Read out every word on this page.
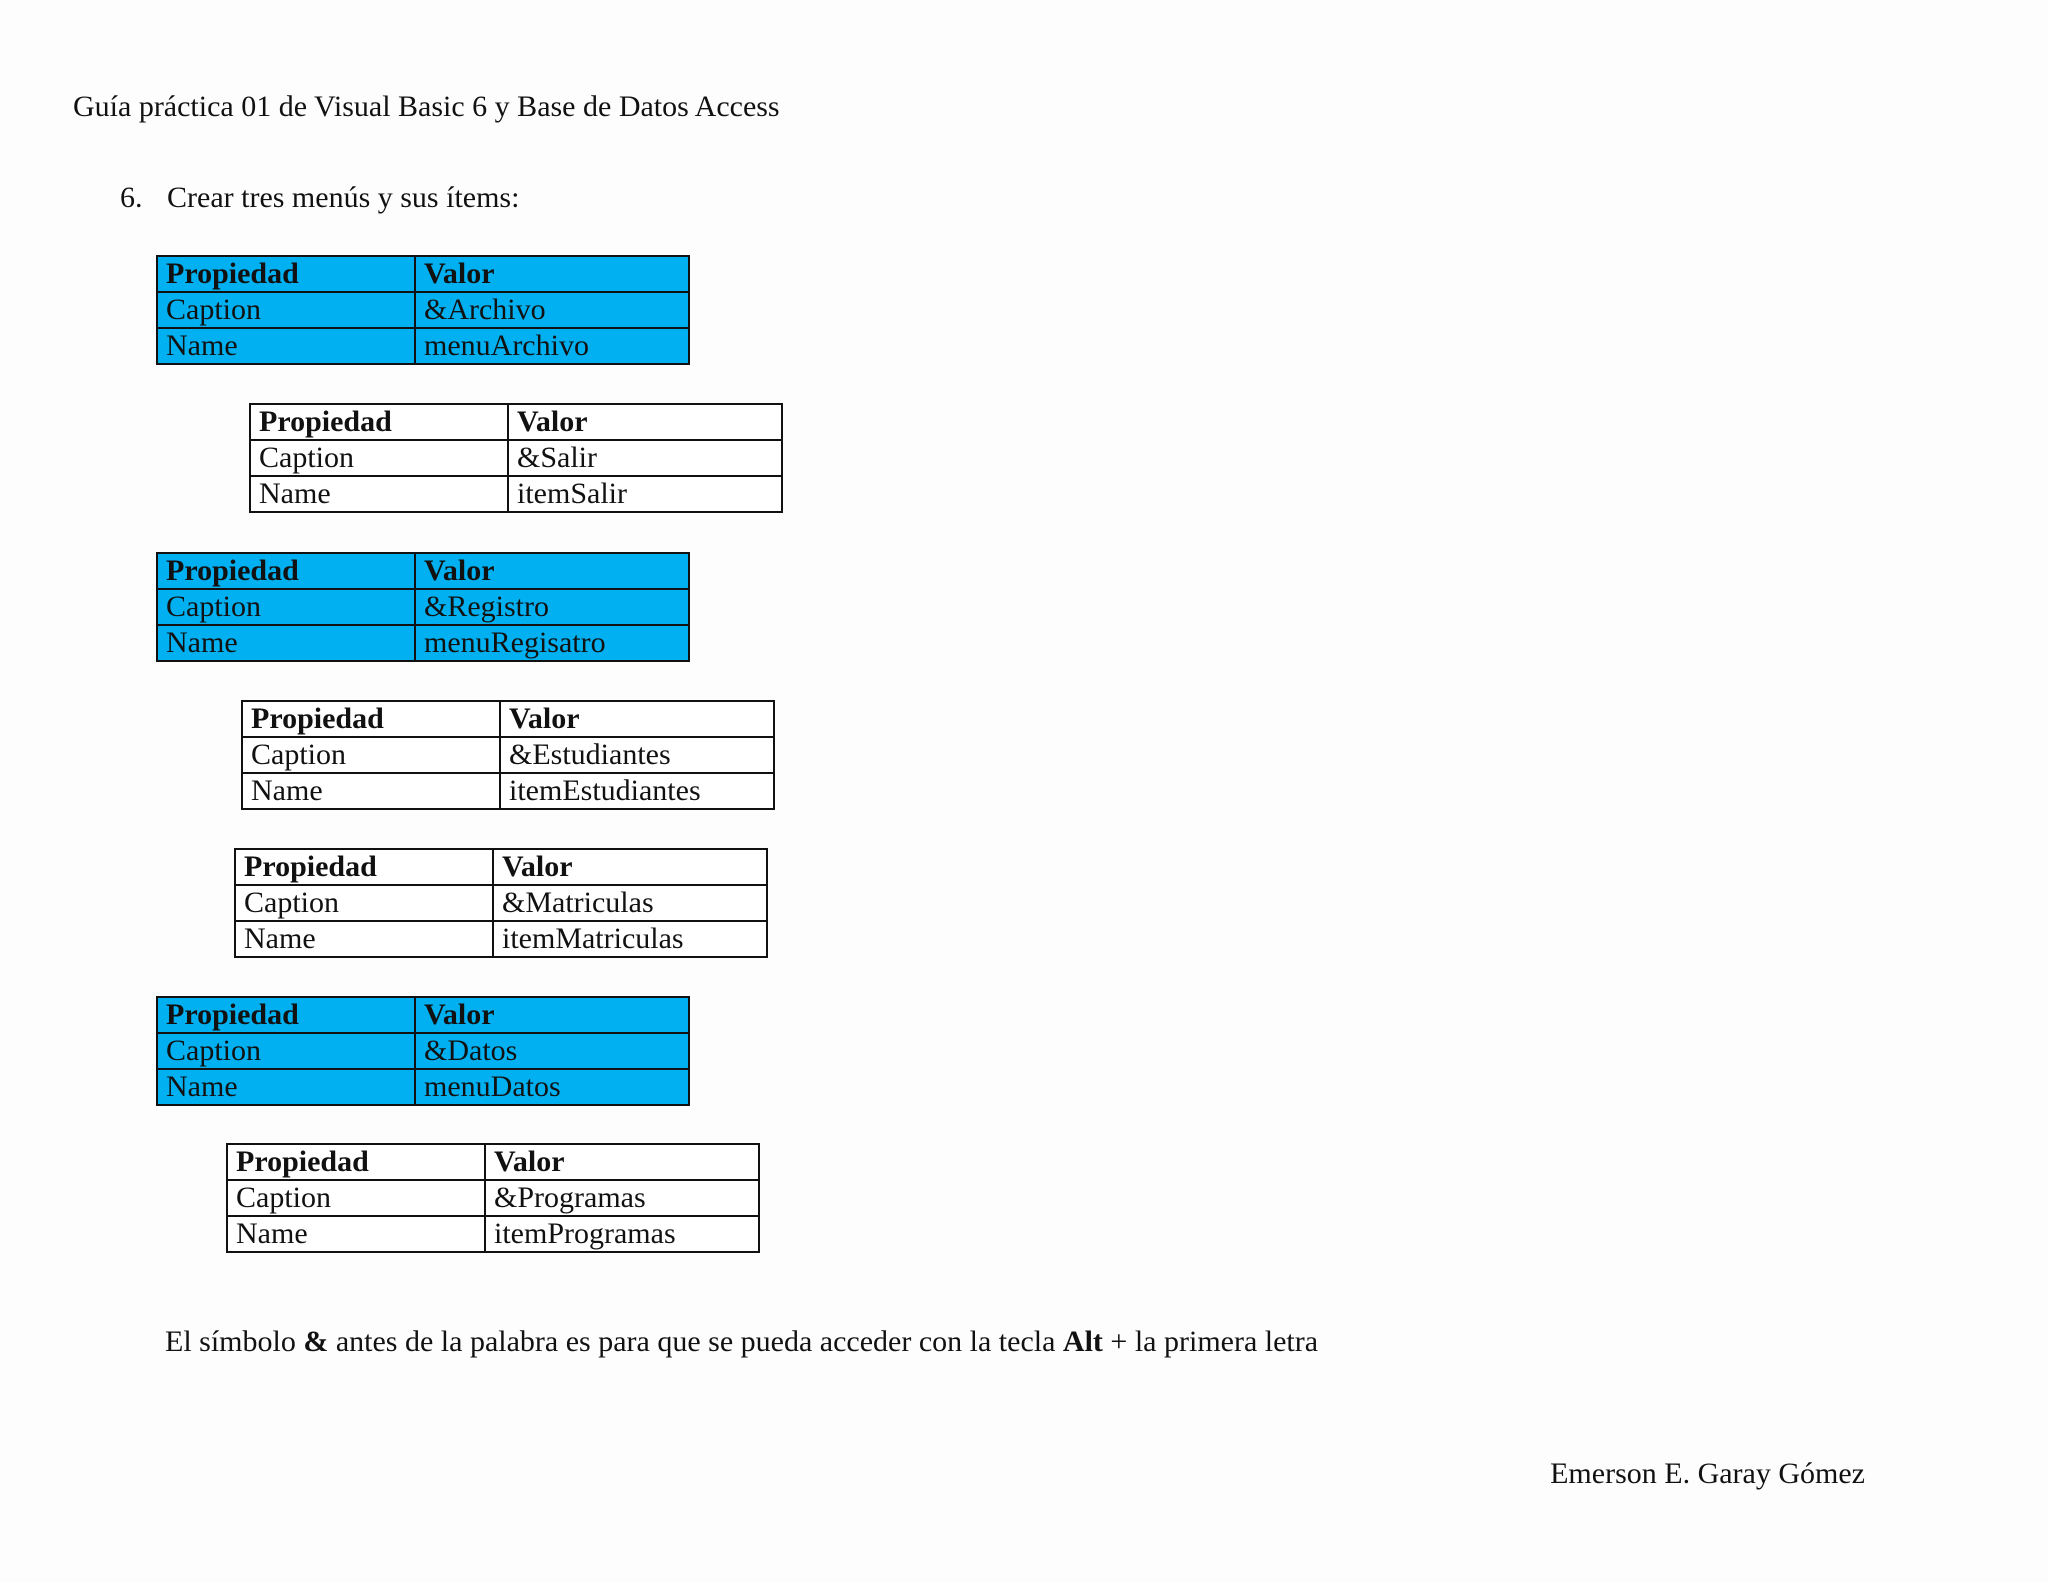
Guía práctica 01 de Visual Basic 6 y Base de Datos Access
6. Crear tres menús y sus ítems:
Propiedad	Valor
Caption	&Archivo
Name	menuArchivo
Propiedad	Valor
Caption	&Salir
Name	itemSalir
Propiedad	Valor
Caption	&Registro
Name	menuRegisatro
Propiedad	Valor
Caption	&Estudiantes
Name	itemEstudiantes
Propiedad	Valor
Caption	&Matriculas
Name	itemMatriculas
Propiedad	Valor
Caption	&Datos
Name	menuDatos
Propiedad	Valor
Caption	&Programas
Name	itemProgramas
El símbolo & antes de la palabra es para que se pueda acceder con la tecla Alt + la primera letra
Emerson E. Garay Gómez
